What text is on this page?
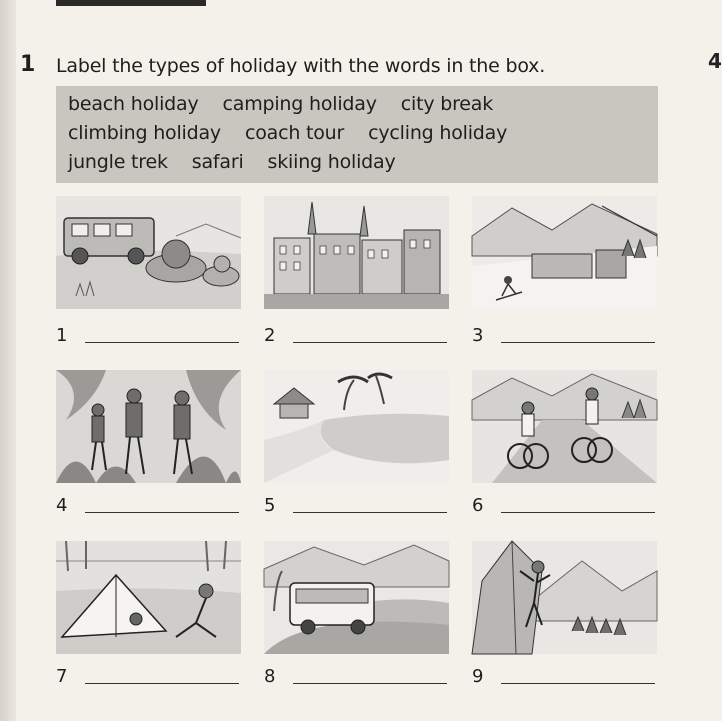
4
1 Label the types of holiday with the words in the box.
beach holiday camping holiday city break
climbing holiday coach tour cycling holiday
jungle trek safari skiing holiday
1	2	3
4	5	6
7	8	9
